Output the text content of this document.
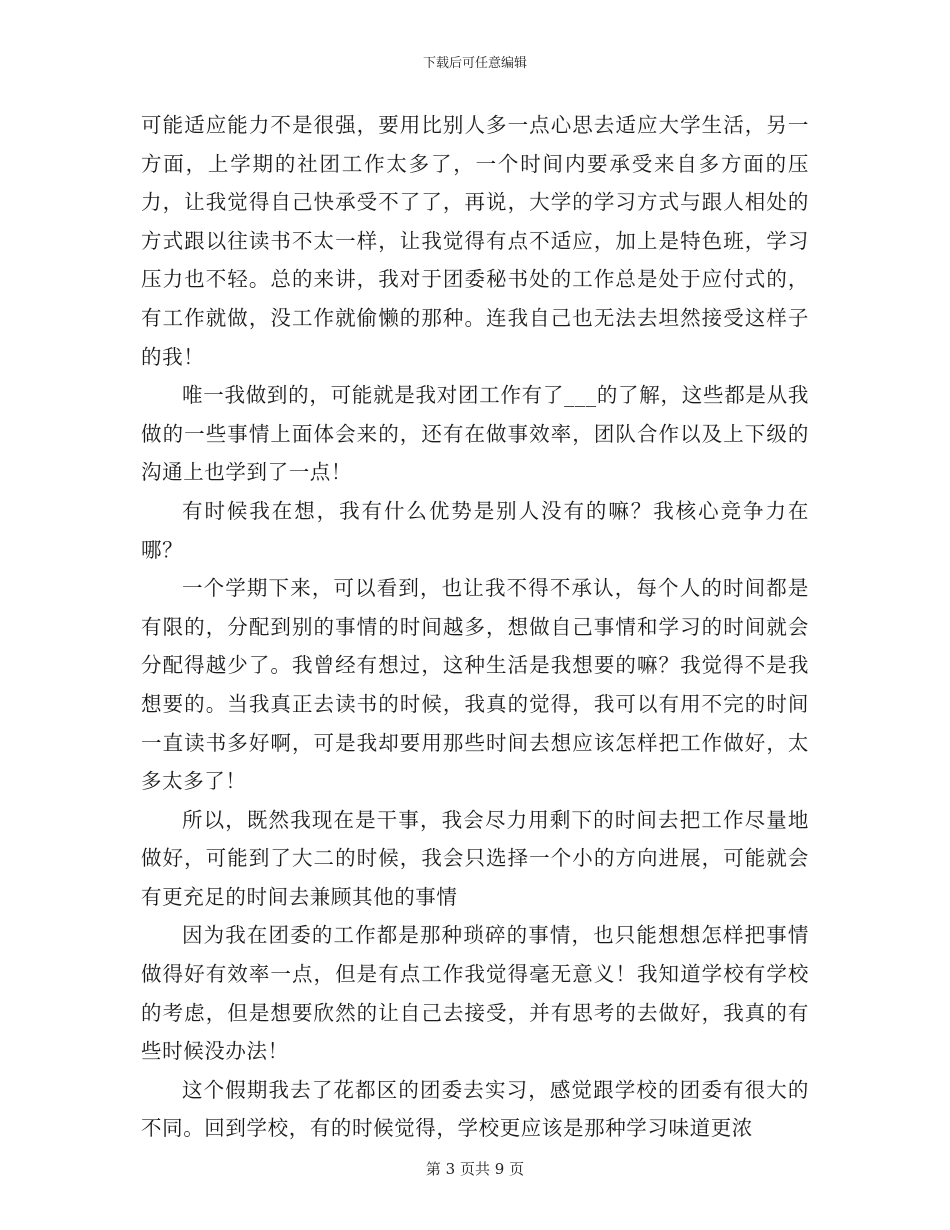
下载后可任意编辑

可能适应能力不是很强，要用比别人多一点心思去适应大学生活，另一方面，上学期的社团工作太多了，一个时间内要承受来自多方面的压力，让我觉得自己快承受不了了，再说，大学的学习方式与跟人相处的方式跟以往读书不太一样，让我觉得有点不适应，加上是特色班，学习压力也不轻。总的来讲，我对于团委秘书处的工作总是处于应付式的，有工作就做，没工作就偷懒的那种。连我自己也无法去坦然接受这样子的我！

唯一我做到的，可能就是我对团工作有了___的了解，这些都是从我做的一些事情上面体会来的，还有在做事效率，团队合作以及上下级的沟通上也学到了一点！

有时候我在想，我有什么优势是别人没有的嘛？我核心竞争力在哪？

一个学期下来，可以看到，也让我不得不承认，每个人的时间都是有限的，分配到别的事情的时间越多，想做自己事情和学习的时间就会分配得越少了。我曾经有想过，这种生活是我想要的嘛？我觉得不是我想要的。当我真正去读书的时候，我真的觉得，我可以有用不完的时间一直读书多好啊，可是我却要用那些时间去想应该怎样把工作做好，太多太多了！

所以，既然我现在是干事，我会尽力用剩下的时间去把工作尽量地做好，可能到了大二的时候，我会只选择一个小的方向进展，可能就会有更充足的时间去兼顾其他的事情

因为我在团委的工作都是那种琐碎的事情，也只能想想怎样把事情做得好有效率一点，但是有点工作我觉得毫无意义！我知道学校有学校的考虑，但是想要欣然的让自己去接受，并有思考的去做好，我真的有些时候没办法！

这个假期我去了花都区的团委去实习，感觉跟学校的团委有很大的不同。回到学校，有的时候觉得，学校更应该是那种学习味道更浓

第 3 页共 9 页
